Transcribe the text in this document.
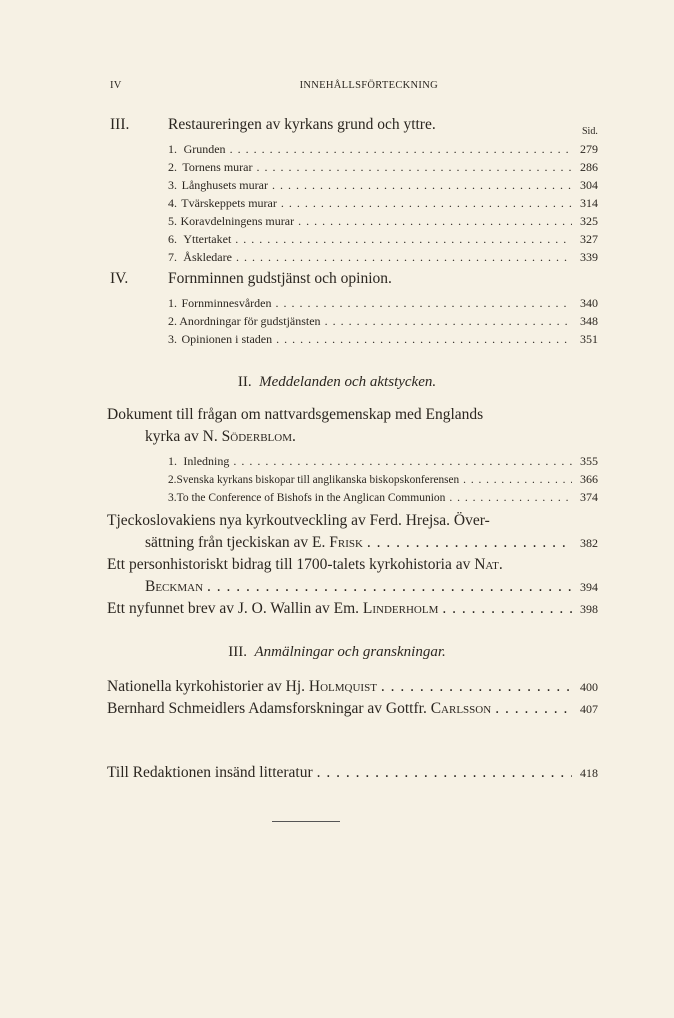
IV	INNEHÅLLSFÖRTECKNING
III. Restaureringen av kyrkans grund och yttre.	Sid.
1. Grunden . . .	279
2. Tornens murar . . .	286
3. Långhusets murar . . .	304
4. Tvärskeppets murar . . .	314
5. Koravdelningens murar . . .	325
6. Yttertaket . . .	327
7. Åskledare . . .	339
IV.	Fornminnen gudstjänst och opinion.
1. Fornminnesvården . . .	340
2. Anordningar för gudstjänsten . . .	348
3. Opinionen i staden . . .	351
II. Meddelanden och aktstycken.
Dokument till frågan om nattvardsgemenskap med Englands
kyrka av N. Söderblom.
1. Inledning . . .	355
2. Svenska kyrkans biskopar till anglikanska biskopskonferensen . . .	366
3. To the Conference of Bishofs in the Anglican Communion . . .	374
Tjeckoslovakiens nya kyrkoutveckling av Ferd. Hrejsa. Över-
sättning från tjeckiskan av E.
Frisk . . .	382
Ett personhistoriskt bidrag till 1700-talets kyrkohistoria av Nat.
Beckman . . .	394
Ett nyfunnet brev av J. O. Wallin av Em.
Linderholm . . .	398
III. Anmälningar och granskningar.
Nationella kyrkohistorier av Hj.
Holmquist . . .	400
Bernhard Schmeidlers Adamsforskningar av Gottfr.
Carlsson . . .	407
Till Redaktionen insänd litteratur . . .	418
